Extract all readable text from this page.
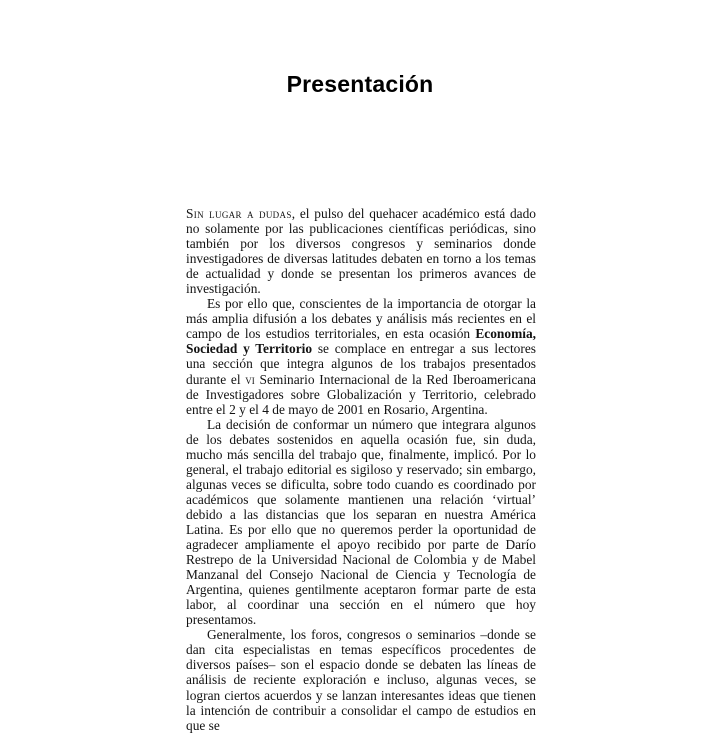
Presentación

Sin lugar a dudas, el pulso del quehacer académico está dado no solamente por las publicaciones científicas periódicas, sino también por los diversos congresos y seminarios donde investigadores de diversas latitudes debaten en torno a los temas de actualidad y donde se presentan los primeros avances de investigación.

Es por ello que, conscientes de la importancia de otorgar la más amplia difusión a los debates y análisis más recientes en el campo de los estudios territoriales, en esta ocasión Economía, Sociedad y Territorio se complace en entregar a sus lectores una sección que integra algunos de los trabajos presentados durante el vi Seminario Internacional de la Red Iberoamericana de Investigadores sobre Globalización y Territorio, celebrado entre el 2 y el 4 de mayo de 2001 en Rosario, Argentina.

La decisión de conformar un número que integrara algunos de los debates sostenidos en aquella ocasión fue, sin duda, mucho más sencilla del trabajo que, finalmente, implicó. Por lo general, el trabajo editorial es sigiloso y reservado; sin embargo, algunas veces se dificulta, sobre todo cuando es coordinado por académicos que solamente mantienen una relación ‘virtual’ debido a las distancias que los separan en nuestra América Latina. Es por ello que no queremos perder la oportunidad de agradecer ampliamente el apoyo recibido por parte de Darío Restrepo de la Universidad Nacional de Colombia y de Mabel Manzanal del Consejo Nacional de Ciencia y Tecnología de Argentina, quienes gentilmente aceptaron formar parte de esta labor, al coordinar una sección en el número que hoy presentamos.

Generalmente, los foros, congresos o seminarios –donde se dan cita especialistas en temas específicos procedentes de diversos países– son el espacio donde se debaten las líneas de análisis de reciente exploración e incluso, algunas veces, se logran ciertos acuerdos y se lanzan interesantes ideas que tienen la intención de contribuir a consolidar el campo de estudios en que se
